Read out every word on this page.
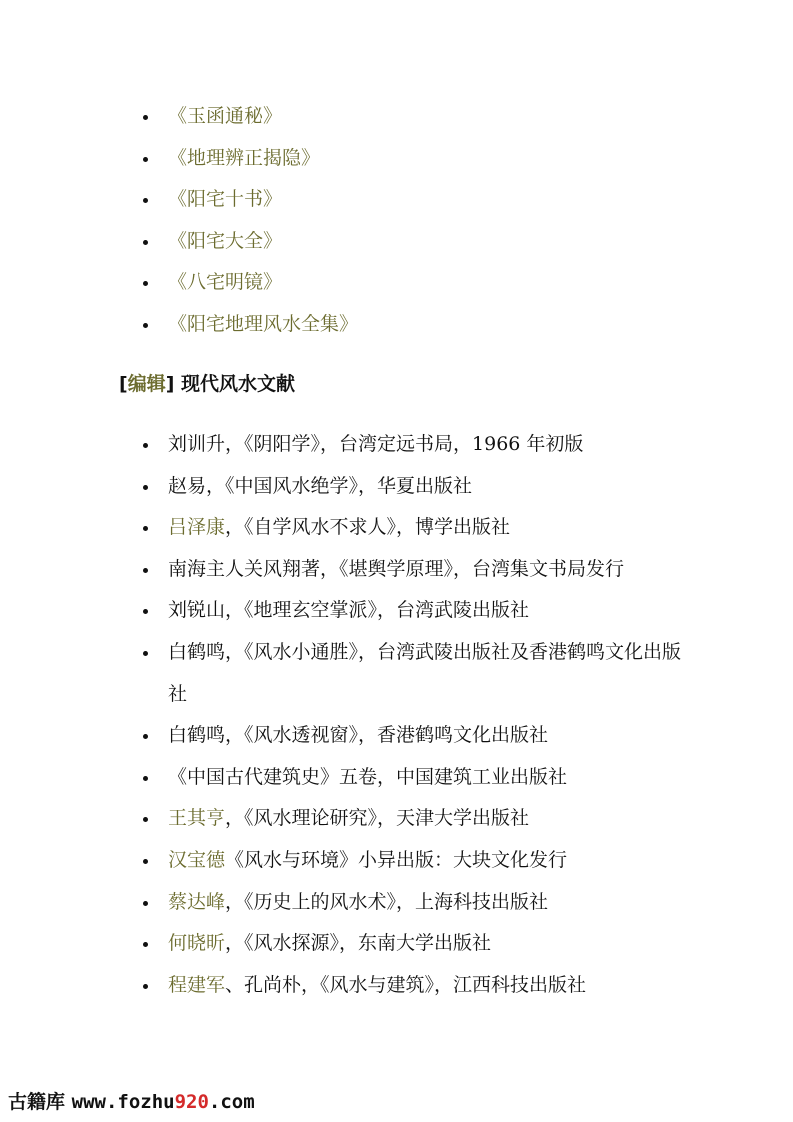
《玉函通秘》
《地理辨正揭隐》
《阳宅十书》
《阳宅大全》
《八宅明镜》
《阳宅地理风水全集》
[编辑] 现代风水文献
刘训升，《阴阳学》，台湾定远书局，1966 年初版
赵易，《中国风水绝学》，华夏出版社
吕泽康，《自学风水不求人》，博学出版社
南海主人关风翔著，《堪舆学原理》，台湾集文书局发行
刘锐山，《地理玄空掌派》，台湾武陵出版社
白鹤鸣，《风水小通胜》，台湾武陵出版社及香港鹤鸣文化出版社
白鹤鸣，《风水透视窗》，香港鹤鸣文化出版社
《中国古代建筑史》五卷，中国建筑工业出版社
王其亨，《风水理论研究》，天津大学出版社
汉宝德《风水与环境》小异出版：大块文化发行
蔡达峰，《历史上的风水术》，上海科技出版社
何晓昕，《风水探源》，东南大学出版社
程建军、孔尚朴，《风水与建筑》，江西科技出版社
古籍库 www.fozhu920.com
